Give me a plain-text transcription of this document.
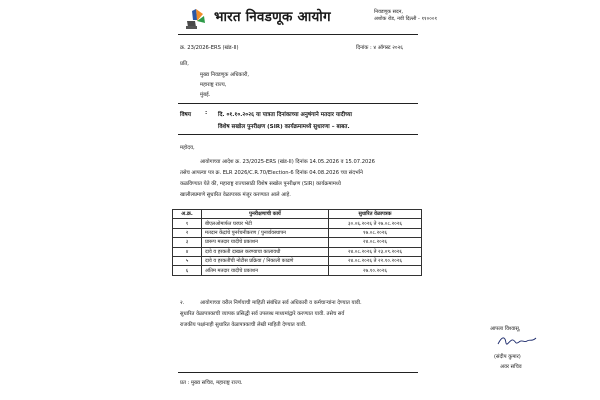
भारत निवडणूक आयोग	निवडणूक सदन,
अशोक रोड, नवी दिल्ली - ११०००१
क्र. 23/2026-ERS (खंड-II)	दिनांक : ४ ऑगस्ट २०२६
प्रति,
मुख्य निवडणूक अधिकारी,
महाराष्ट्र राज्य,
मुंबई.
विषय : दि. ०१.१०.२०२६ या पात्रता दिनांकाच्या अनुषंगाने मतदार यादीच्या
विशेष सखोल पुनरीक्षण (SIR) कार्यक्रमामध्ये सुधारणा – बाबत.
महोदय,
आयोगाच्या आदेश क्र. 23/2025-ERS (खंड-II) दिनांक 14.05.2026 व 15.07.2026
तसेच आपल्या पत्र क्र. ELR 2026/C.R.70/Election-6 दिनांक 04.08.2026 च्या संदर्भाने
कळविण्यात येते की, महाराष्ट्र राज्यासाठी विशेष सखोल पुनरीक्षण (SIR) कार्यक्रमामध्ये
खालीलप्रमाणे सुधारित वेळापत्रक मंजूर करण्यात आले आहे.
अ.क्र.	पुनरीक्षणाची कार्ये	सुधारित वेळापत्रक
१	बीएलओमार्फत घरघर भेटी	३०.०६.२०२६ ते २७.०८.२०२६
२	मतदान केंद्रांचे पुनर्रचनीकरण / पुनर्व्यवस्थापन	१७.०८.२०२६
३	प्रारूप मतदार यादीचे प्रकाशन	२४.०८.२०२६
४	दावे व हरकती दाखल करण्याचा कालावधी	२४.०८.२०२६ ते २३.०९.२०२६
५	दावे व हरकतींची नोटीस प्रक्रिया / निकाली काढणे	२४.०८.२०२६ ते २२.१०.२०२६
६	अंतिम मतदार यादीचे प्रकाशन	२७.१०.२०२६
२.	आयोगाच्या वरील निर्णयाची माहिती संबंधित सर्व अधिकारी व कर्मचाऱ्यांना देण्यात यावी.
सुधारित वेळापत्रकाची व्यापक प्रसिद्धी सर्व उपलब्ध माध्यमांद्वारे करण्यात यावी. तसेच सर्व
राजकीय पक्षांनाही सुधारित वेळापत्रकाची लेखी माहिती देण्यात यावी.
आपला विश्वासू,
(संदीप कुमार)
अवर सचिव
प्रत : मुख्य सचिव, महाराष्ट्र राज्य.
